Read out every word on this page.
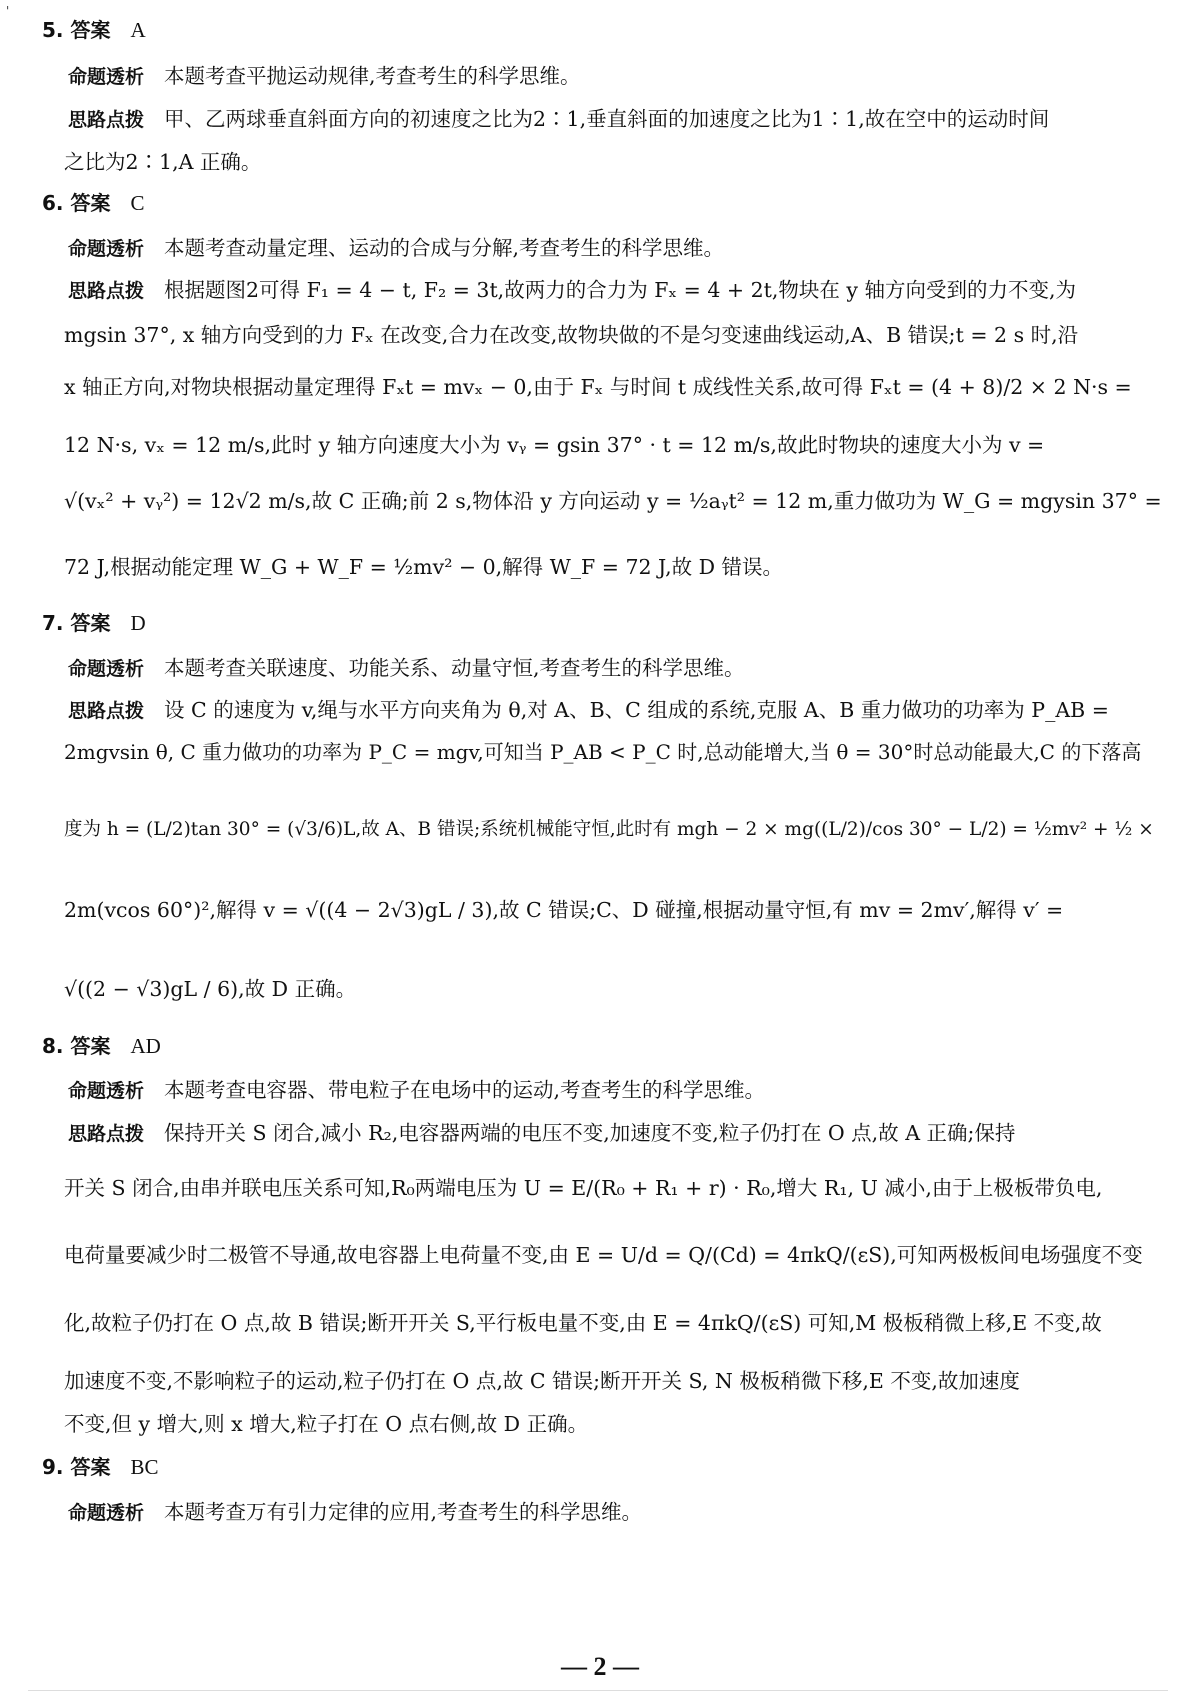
'
5. 答案 A
命题透析 本题考查平抛运动规律,考查考生的科学思维。
思路点拨 甲、乙两球垂直斜面方向的初速度之比为2∶1,垂直斜面的加速度之比为1∶1,故在空中的运动时间
之比为2∶1,A 正确。
6. 答案 C
命题透析 本题考查动量定理、运动的合成与分解,考查考生的科学思维。
思路点拨 根据题图2可得 F₁ = 4 − t, F₂ = 3t,故两力的合力为 Fₓ = 4 + 2t,物块在 y 轴方向受到的力不变,为
mgsin 37°, x 轴方向受到的力 Fₓ 在改变,合力在改变,故物块做的不是匀变速曲线运动,A、B 错误;t = 2 s 时,沿
x 轴正方向,对物块根据动量定理得 Fₓt = mvₓ − 0,由于 Fₓ 与时间 t 成线性关系,故可得 Fₓt = (4 + 8)/2 × 2 N·s =
12 N·s, vₓ = 12 m/s,此时 y 轴方向速度大小为 vᵧ = gsin 37° · t = 12 m/s,故此时物块的速度大小为 v =
√(vₓ² + vᵧ²) = 12√2 m/s,故 C 正确;前 2 s,物体沿 y 方向运动 y = ½aᵧt² = 12 m,重力做功为 W_G = mgysin 37° =
72 J,根据动能定理 W_G + W_F = ½mv² − 0,解得 W_F = 72 J,故 D 错误。
7. 答案 D
命题透析 本题考查关联速度、功能关系、动量守恒,考查考生的科学思维。
思路点拨 设 C 的速度为 v,绳与水平方向夹角为 θ,对 A、B、C 组成的系统,克服 A、B 重力做功的功率为 P_AB =
2mgvsin θ, C 重力做功的功率为 P_C = mgv,可知当 P_AB < P_C 时,总动能增大,当 θ = 30°时总动能最大,C 的下落高
度为 h = (L/2)tan 30° = (√3/6)L,故 A、B 错误;系统机械能守恒,此时有 mgh − 2 × mg((L/2)/cos 30° − L/2) = ½mv² + ½ ×
2m(vcos 60°)²,解得 v = √((4 − 2√3)gL / 3),故 C 错误;C、D 碰撞,根据动量守恒,有 mv = 2mv′,解得 v′ =
√((2 − √3)gL / 6),故 D 正确。
8. 答案 AD
命题透析 本题考查电容器、带电粒子在电场中的运动,考查考生的科学思维。
思路点拨 保持开关 S 闭合,减小 R₂,电容器两端的电压不变,加速度不变,粒子仍打在 O 点,故 A 正确;保持
开关 S 闭合,由串并联电压关系可知,R₀两端电压为 U = E/(R₀ + R₁ + r) · R₀,增大 R₁, U 减小,由于上极板带负电,
电荷量要减少时二极管不导通,故电容器上电荷量不变,由 E = U/d = Q/(Cd) = 4πkQ/(εS),可知两极板间电场强度不变
化,故粒子仍打在 O 点,故 B 错误;断开开关 S,平行板电量不变,由 E = 4πkQ/(εS) 可知,M 极板稍微上移,E 不变,故
加速度不变,不影响粒子的运动,粒子仍打在 O 点,故 C 错误;断开开关 S, N 极板稍微下移,E 不变,故加速度
不变,但 y 增大,则 x 增大,粒子打在 O 点右侧,故 D 正确。
9. 答案 BC
命题透析 本题考查万有引力定律的应用,考查考生的科学思维。
— 2 —
